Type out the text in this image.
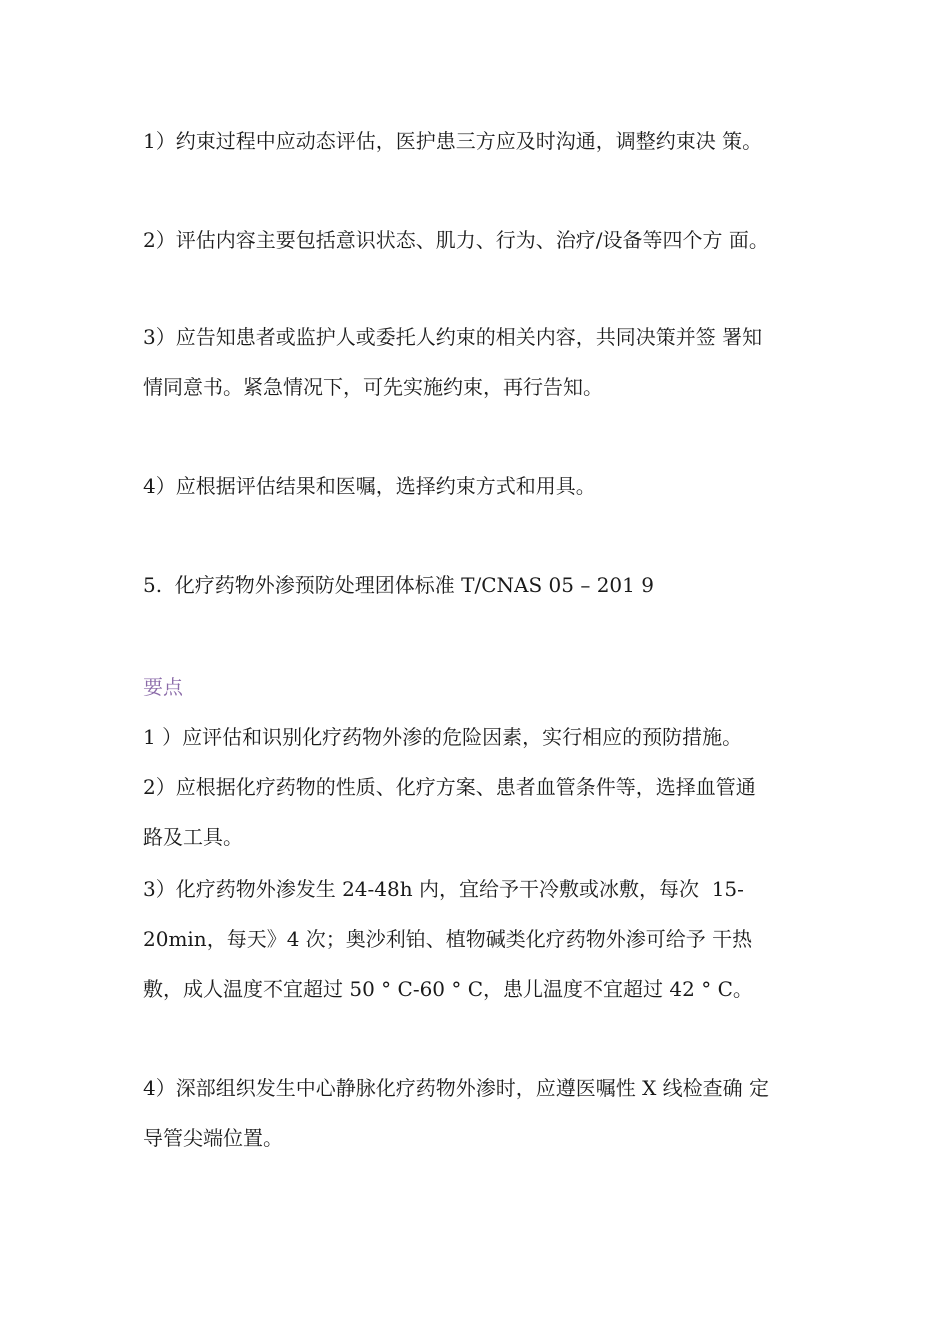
1）约束过程中应动态评估，医护患三方应及时沟通，调整约束决 策。
2）评估内容主要包括意识状态、肌力、行为、治疗/设备等四个方 面。
3）应告知患者或监护人或委托人约束的相关内容，共同决策并签 署知
情同意书。紧急情况下，可先实施约束，再行告知。
4）应根据评估结果和医嘱，选择约束方式和用具。
5.  化疗药物外渗预防处理团体标准 T/CNAS 05 – 201 9
要点
1 ）应评估和识别化疗药物外渗的危险因素，实行相应的预防措施。
2）应根据化疗药物的性质、化疗方案、患者血管条件等，选择血管通
路及工具。
3）化疗药物外渗发生 24-48h 内，宜给予干冷敷或冰敷，每次  15-
20min，每天》4 次；奥沙利铂、植物碱类化疗药物外渗可给予 干热
敷，成人温度不宜超过 50 ° C-60 ° C，患儿温度不宜超过 42 ° C。
4）深部组织发生中心静脉化疗药物外渗时，应遵医嘱性 X 线检查确 定
导管尖端位置。
